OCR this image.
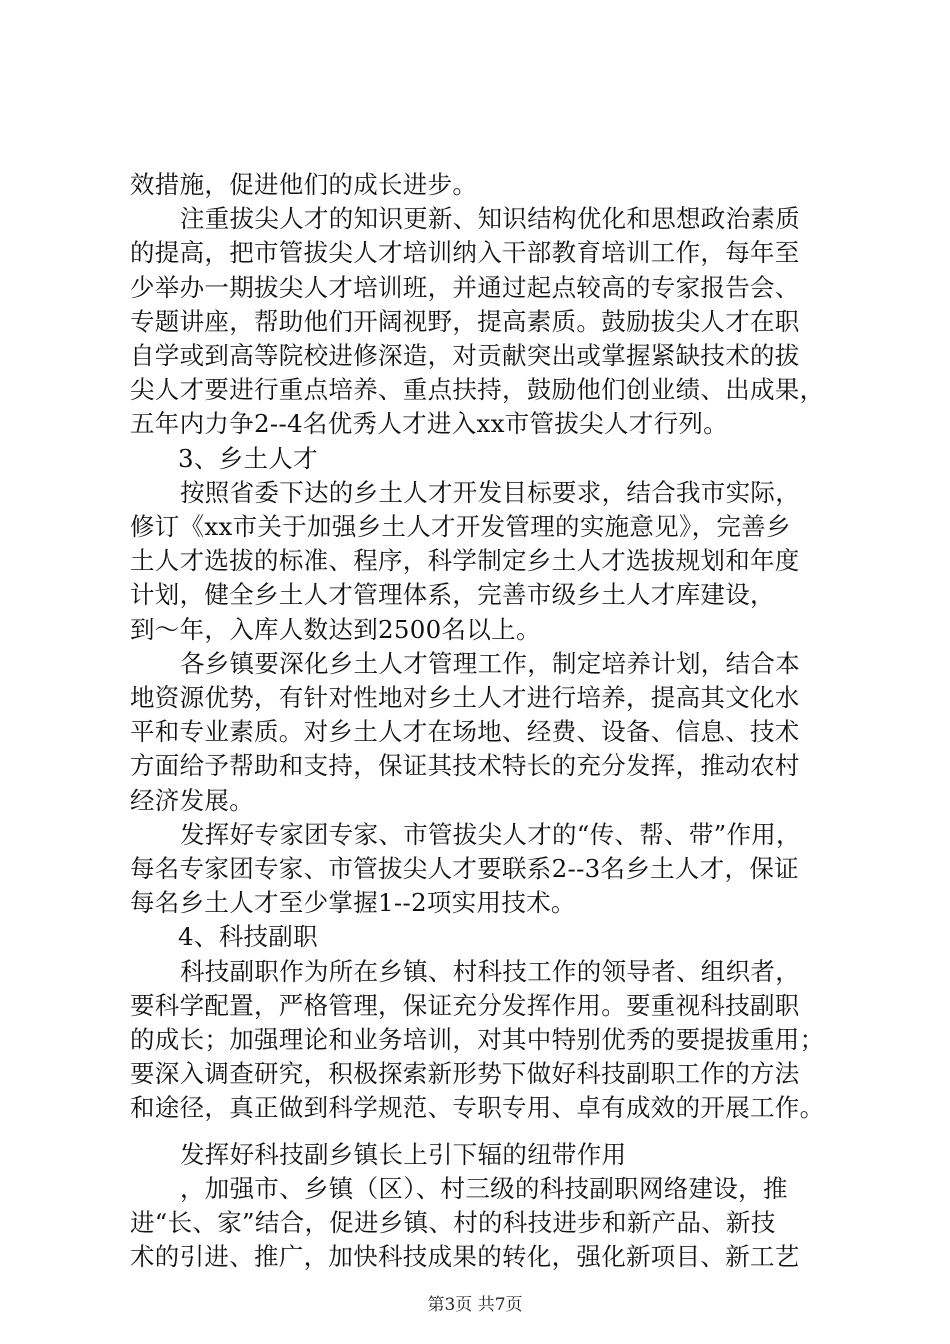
效措施，促进他们的成长进步。
注重拔尖人才的知识更新、知识结构优化和思想政治素质
的提高，把市管拔尖人才培训纳入干部教育培训工作，每年至
少举办一期拔尖人才培训班，并通过起点较高的专家报告会、
专题讲座，帮助他们开阔视野，提高素质。鼓励拔尖人才在职
自学或到高等院校进修深造，对贡献突出或掌握紧缺技术的拔
尖人才要进行重点培养、重点扶持，鼓励他们创业绩、出成果，
五年内力争2--4名优秀人才进入xx市管拔尖人才行列。
3、乡土人才
按照省委下达的乡土人才开发目标要求，结合我市实际，
修订《xx市关于加强乡土人才开发管理的实施意见》，完善乡
土人才选拔的标准、程序，科学制定乡土人才选拔规划和年度
计划，健全乡土人才管理体系，完善市级乡土人才库建设，
到～年，入库人数达到2500名以上。
各乡镇要深化乡土人才管理工作，制定培养计划，结合本
地资源优势，有针对性地对乡土人才进行培养，提高其文化水
平和专业素质。对乡土人才在场地、经费、设备、信息、技术
方面给予帮助和支持，保证其技术特长的充分发挥，推动农村
经济发展。
发挥好专家团专家、市管拔尖人才的“传、帮、带”作用，
每名专家团专家、市管拔尖人才要联系2--3名乡土人才，保证
每名乡土人才至少掌握1--2项实用技术。
4、科技副职
科技副职作为所在乡镇、村科技工作的领导者、组织者，
要科学配置，严格管理，保证充分发挥作用。要重视科技副职
的成长；加强理论和业务培训，对其中特别优秀的要提拔重用；
要深入调查研究，积极探索新形势下做好科技副职工作的方法
和途径，真正做到科学规范、专职专用、卓有成效的开展工作。
发挥好科技副乡镇长上引下辐的纽带作用
，加强市、乡镇（区）、村三级的科技副职网络建设，推
进“长、家”结合，促进乡镇、村的科技进步和新产品、新技
术的引进、推广，加快科技成果的转化，强化新项目、新工艺
第3页 共7页
